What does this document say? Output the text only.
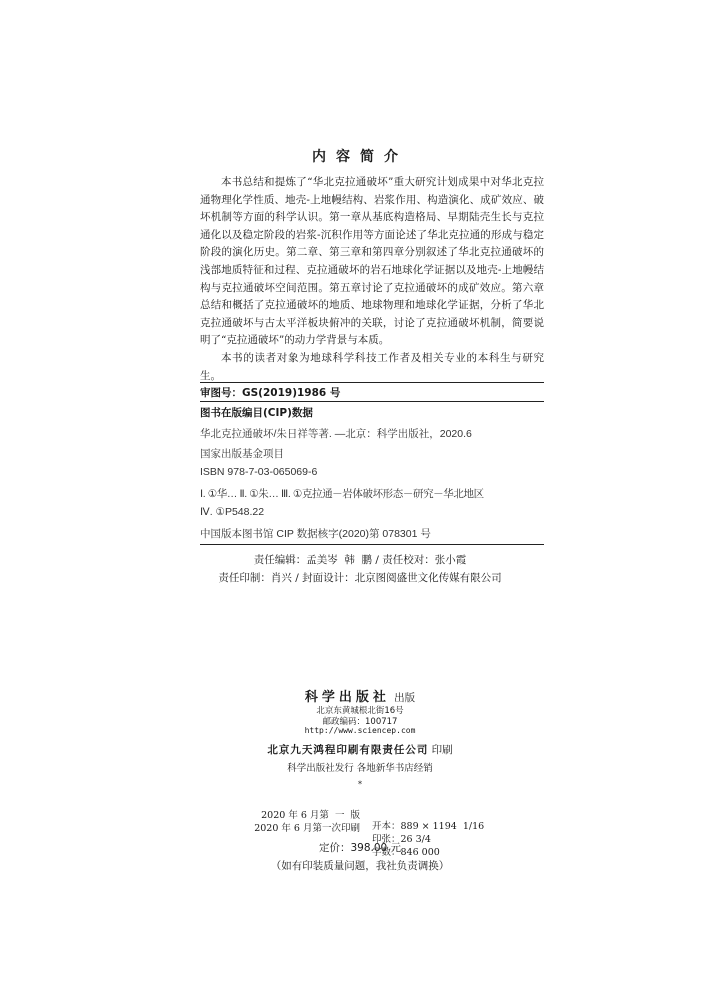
内容简介

本书总结和提炼了“华北克拉通破坏”重大研究计划成果中对华北克拉通物理化学性质、地壳-上地幔结构、岩浆作用、构造演化、成矿效应、破坏机制等方面的科学认识。第一章从基底构造格局、早期陆壳生长与克拉通化以及稳定阶段的岩浆-沉积作用等方面论述了华北克拉通的形成与稳定阶段的演化历史。第二章、第三章和第四章分别叙述了华北克拉通破坏的浅部地质特征和过程、克拉通破坏的岩石地球化学证据以及地壳-上地幔结构与克拉通破坏空间范围。第五章讨论了克拉通破坏的成矿效应。第六章总结和概括了克拉通破坏的地质、地球物理和地球化学证据，分析了华北克拉通破坏与古太平洋板块俯冲的关联，讨论了克拉通破坏机制，简要说明了“克拉通破坏”的动力学背景与本质。

本书的读者对象为地球科学科技工作者及相关专业的本科生与研究生。

审图号：GS(2019)1986 号
图书在版编目(CIP)数据
华北克拉通破坏/朱日祥等著. —北京：科学出版社，2020.6
国家出版基金项目
ISBN 978-7-03-065069-6
Ⅰ. ①华… Ⅱ. ①朱… Ⅲ. ①克拉通－岩体破坏形态－研究－华北地区
Ⅳ. ①P548.22
中国版本图书馆 CIP 数据核字(2020)第 078301 号
责任编辑：孟美岑  韩  鹏 / 责任校对：张小霞
责任印制：肖兴 / 封面设计：北京图阅盛世文化传媒有限公司
科学出版社 出版
北京东黄城根北街16号
邮政编码：100717
http://www.sciencep.com
北京九天鸿程印刷有限责任公司 印刷
科学出版社发行 各地新华书店经销
*

2020 年 6 月第  一  版

开本：889 × 1194  1/16

2020 年 6 月第一次印刷

印张：26 3/4

字数：846 000

定价：398.00 元
（如有印装质量问题，我社负责调换）
